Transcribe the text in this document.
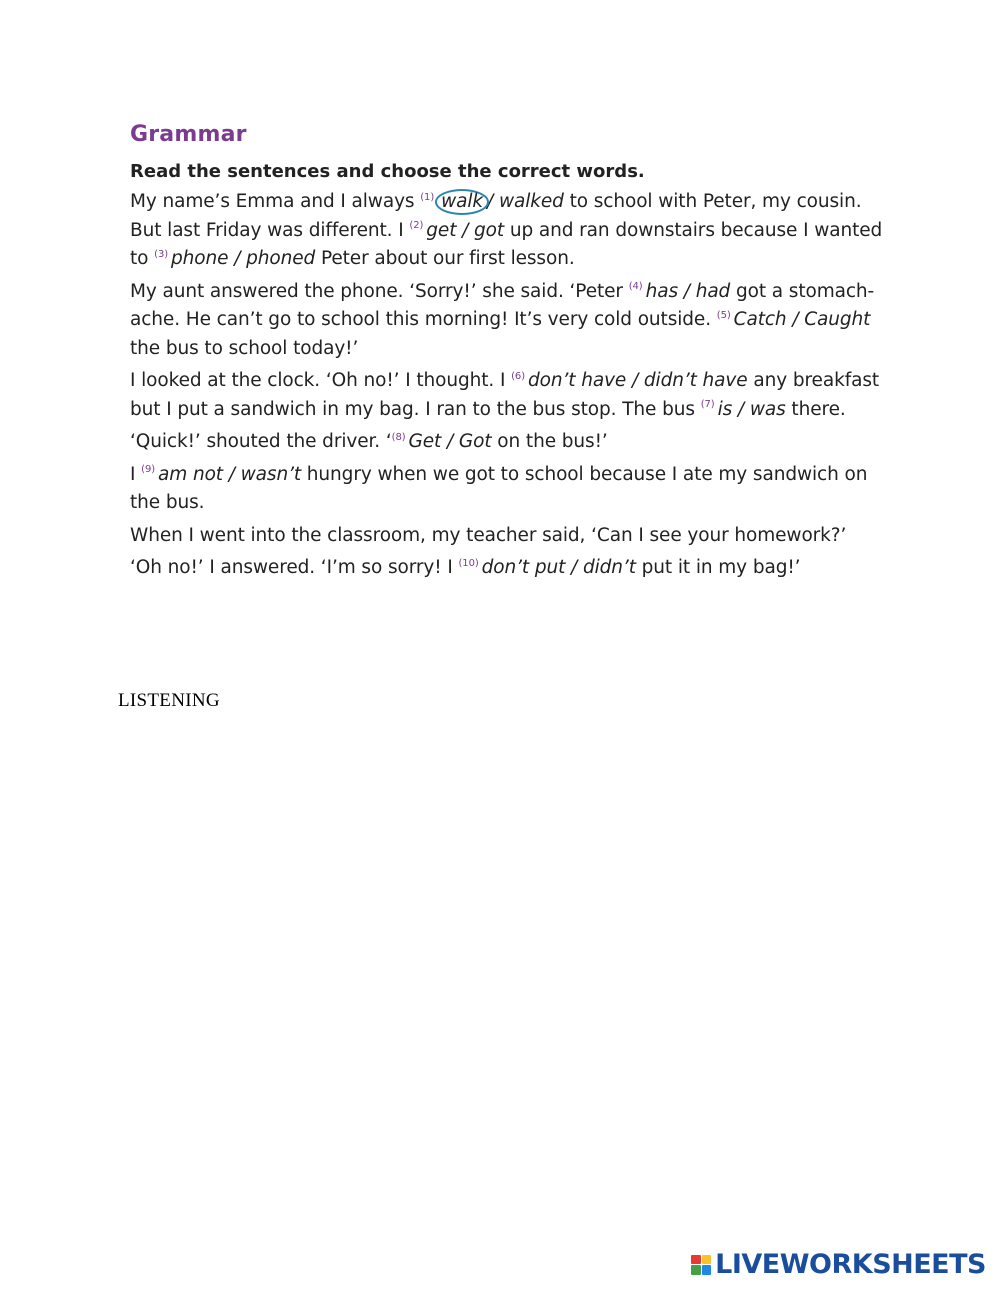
Grammar

Read the sentences and choose the correct words.

My name’s Emma and I always $^{(1)}$ walk / walked to school with Peter, my cousin. But last Friday was different. I $^{(2)}$ get / got up and ran downstairs because I wanted to $^{(3)}$ phone / phoned Peter about our first lesson.

My aunt answered the phone. ‘Sorry!’ she said. ‘Peter $^{(4)}$ has / had got a stomach-ache. He can’t go to school this morning! It’s very cold outside. $^{(5)}$ Catch / Caught the bus to school today!’

I looked at the clock. ‘Oh no!’ I thought. I $^{(6)}$ don’t have / didn’t have any breakfast but I put a sandwich in my bag. I ran to the bus stop. The bus $^{(7)}$ is / was there.

‘Quick!’ shouted the driver. ‘$^{(8)}$ Get / Got on the bus!’

I $^{(9)}$ am not / wasn’t hungry when we got to school because I ate my sandwich on the bus.

When I went into the classroom, my teacher said, ‘Can I see your homework?’

‘Oh no!’ I answered. ‘I’m so sorry! I $^{(10)}$ don’t put / didn’t put it in my bag!’

LISTENING
LIVEWORKSHEETS
